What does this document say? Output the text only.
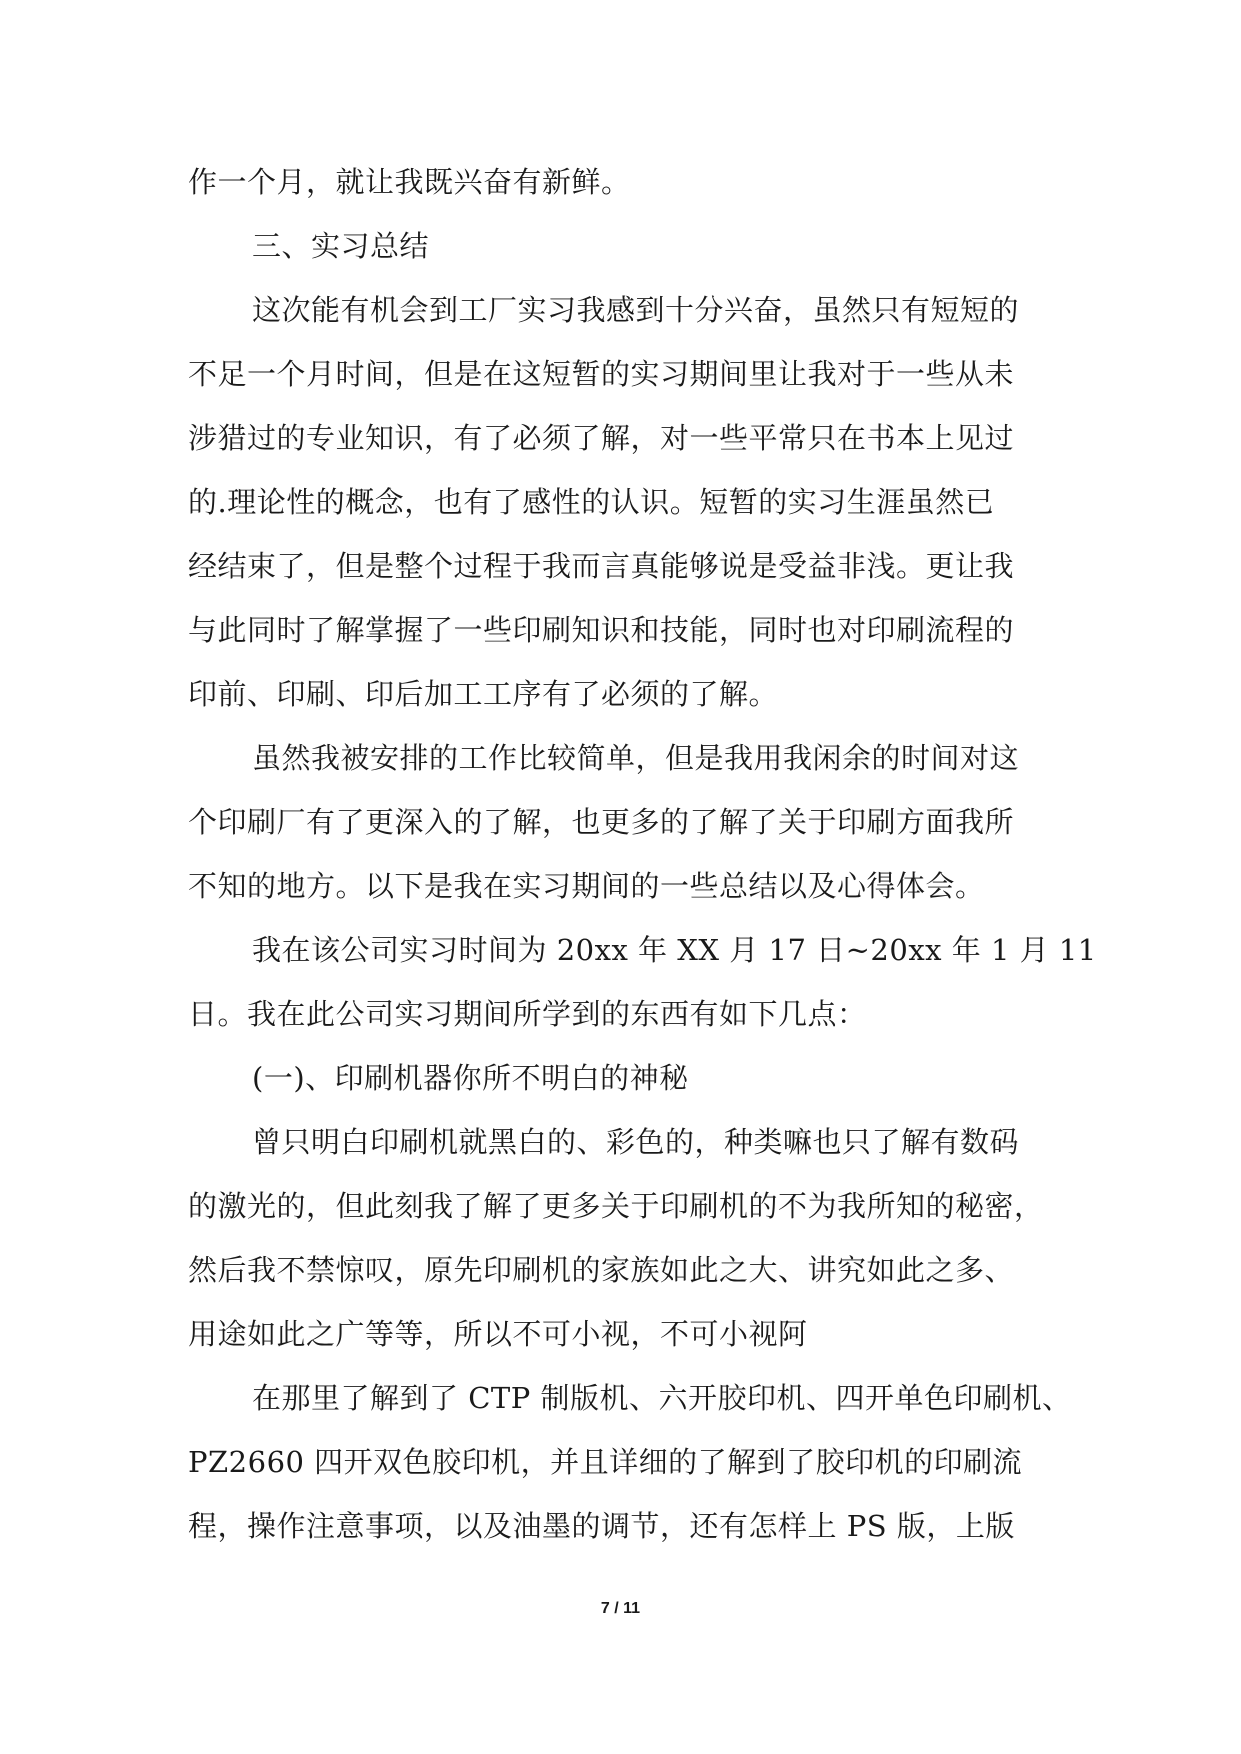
作一个月，就让我既兴奋有新鲜。
三、实习总结
这次能有机会到工厂实习我感到十分兴奋，虽然只有短短的
不足一个月时间，但是在这短暂的实习期间里让我对于一些从未
涉猎过的专业知识，有了必须了解，对一些平常只在书本上见过
的.理论性的概念，也有了感性的认识。短暂的实习生涯虽然已
经结束了，但是整个过程于我而言真能够说是受益非浅。更让我
与此同时了解掌握了一些印刷知识和技能，同时也对印刷流程的
印前、印刷、印后加工工序有了必须的了解。
虽然我被安排的工作比较简单，但是我用我闲余的时间对这
个印刷厂有了更深入的了解，也更多的了解了关于印刷方面我所
不知的地方。以下是我在实习期间的一些总结以及心得体会。
我在该公司实习时间为 20xx 年 XX 月 17 日~20xx 年 1 月 11
日。我在此公司实习期间所学到的东西有如下几点：
(一)、印刷机器你所不明白的神秘
曾只明白印刷机就黑白的、彩色的，种类嘛也只了解有数码
的激光的，但此刻我了解了更多关于印刷机的不为我所知的秘密，
然后我不禁惊叹，原先印刷机的家族如此之大、讲究如此之多、
用途如此之广等等，所以不可小视，不可小视阿
在那里了解到了 CTP 制版机、六开胶印机、四开单色印刷机、
PZ2660 四开双色胶印机，并且详细的了解到了胶印机的印刷流
程，操作注意事项，以及油墨的调节，还有怎样上 PS 版，上版
7 / 11
